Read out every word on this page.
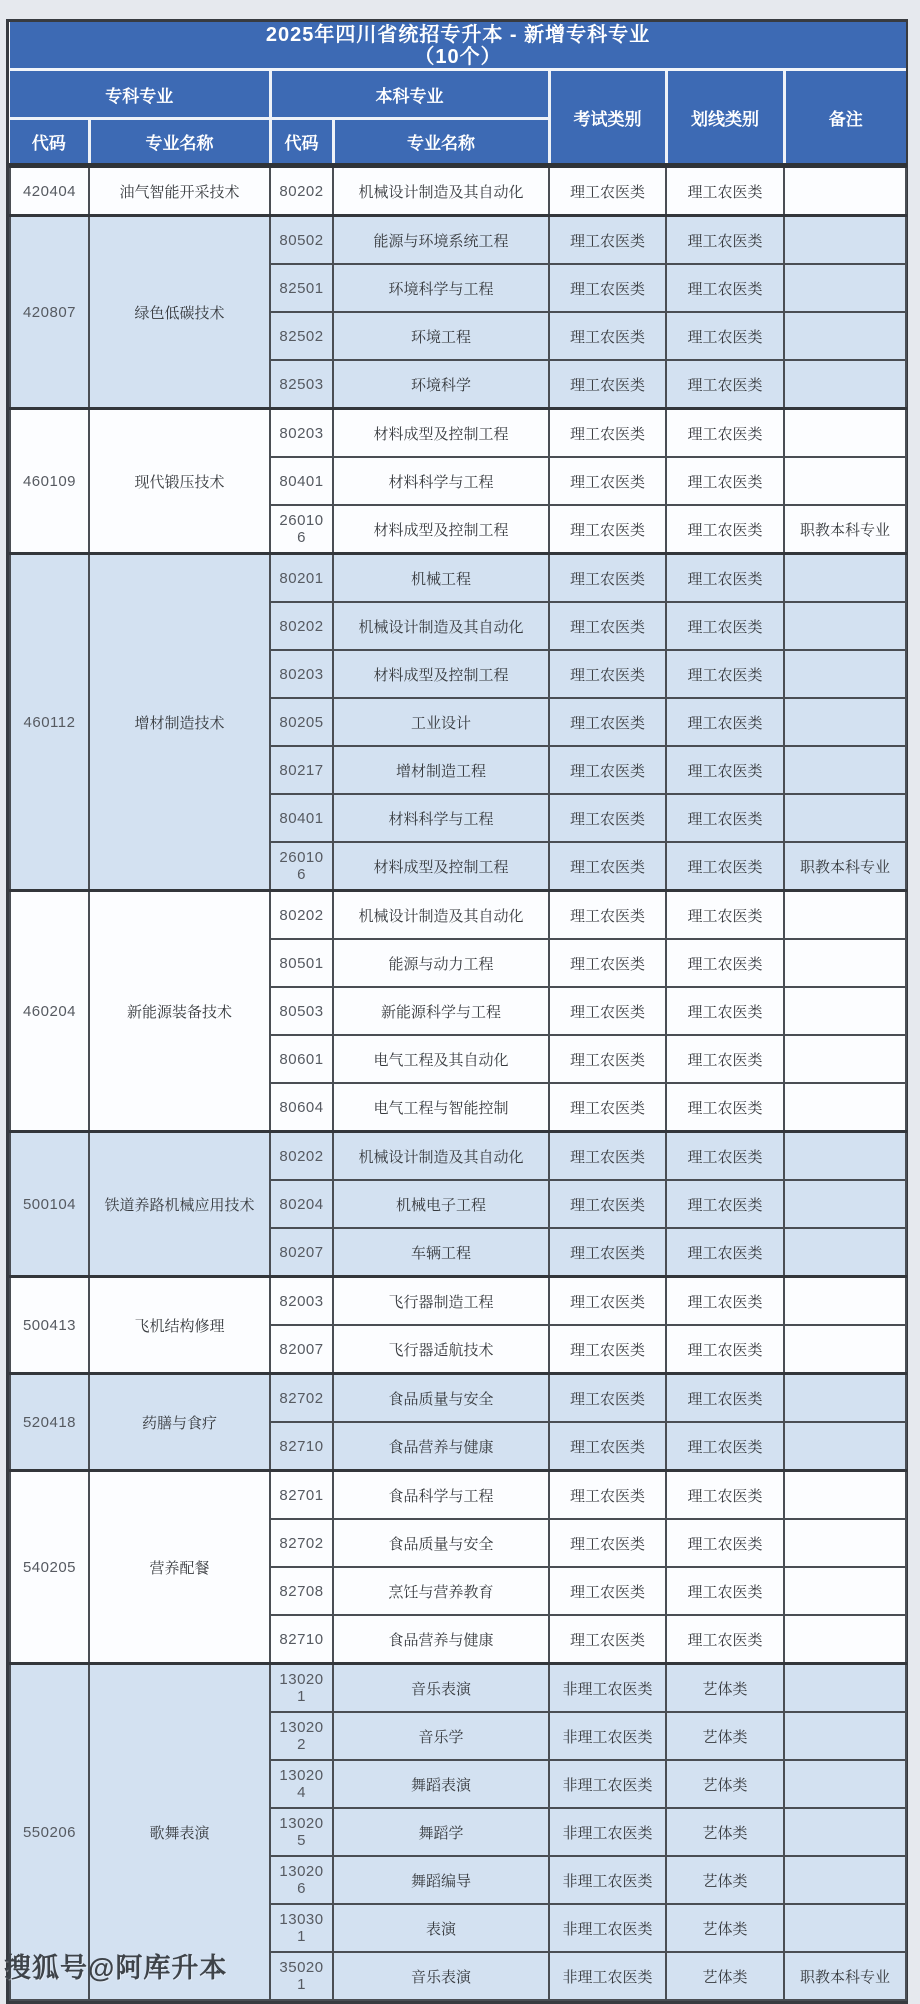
2025年四川省统招专升本 - 新增专科专业
（10个）						

专科专业		本科专业		考试类别	划线类别	备注
代码	专业名称	代码	专业名称			
420404	油气智能开采技术	80202	机械设计制造及其自动化	理工农医类	理工农医类	
420807	绿色低碳技术	80502	能源与环境系统工程	理工农医类	理工农医类	
		82501	环境科学与工程	理工农医类	理工农医类	
		82502	环境工程	理工农医类	理工农医类	
		82503	环境科学	理工农医类	理工农医类	
460109	现代锻压技术	80203	材料成型及控制工程	理工农医类	理工农医类	
		80401	材料科学与工程	理工农医类	理工农医类	
		260106	材料成型及控制工程	理工农医类	理工农医类	职教本科专业
460112	增材制造技术	80201	机械工程	理工农医类	理工农医类	
		80202	机械设计制造及其自动化	理工农医类	理工农医类	
		80203	材料成型及控制工程	理工农医类	理工农医类	
		80205	工业设计	理工农医类	理工农医类	
		80217	增材制造工程	理工农医类	理工农医类	
		80401	材料科学与工程	理工农医类	理工农医类	
		260106	材料成型及控制工程	理工农医类	理工农医类	职教本科专业
460204	新能源装备技术	80202	机械设计制造及其自动化	理工农医类	理工农医类	
		80501	能源与动力工程	理工农医类	理工农医类	
		80503	新能源科学与工程	理工农医类	理工农医类	
		80601	电气工程及其自动化	理工农医类	理工农医类	
		80604	电气工程与智能控制	理工农医类	理工农医类	
500104	铁道养路机械应用技术	80202	机械设计制造及其自动化	理工农医类	理工农医类	
		80204	机械电子工程	理工农医类	理工农医类	
		80207	车辆工程	理工农医类	理工农医类	
500413	飞机结构修理	82003	飞行器制造工程	理工农医类	理工农医类	
		82007	飞行器适航技术	理工农医类	理工农医类	
520418	药膳与食疗	82702	食品质量与安全	理工农医类	理工农医类	
		82710	食品营养与健康	理工农医类	理工农医类	
540205	营养配餐	82701	食品科学与工程	理工农医类	理工农医类	
		82702	食品质量与安全	理工农医类	理工农医类	
		82708	烹饪与营养教育	理工农医类	理工农医类	
		82710	食品营养与健康	理工农医类	理工农医类	
550206	歌舞表演	130201	音乐表演	非理工农医类	艺体类	
		130202	音乐学	非理工农医类	艺体类	
		130204	舞蹈表演	非理工农医类	艺体类	
		130205	舞蹈学	非理工农医类	艺体类	
		130206	舞蹈编导	非理工农医类	艺体类	
		130301	表演	非理工农医类	艺体类	
		350201	音乐表演	非理工农医类	艺体类	职教本科专业
搜狐号@阿库升本
